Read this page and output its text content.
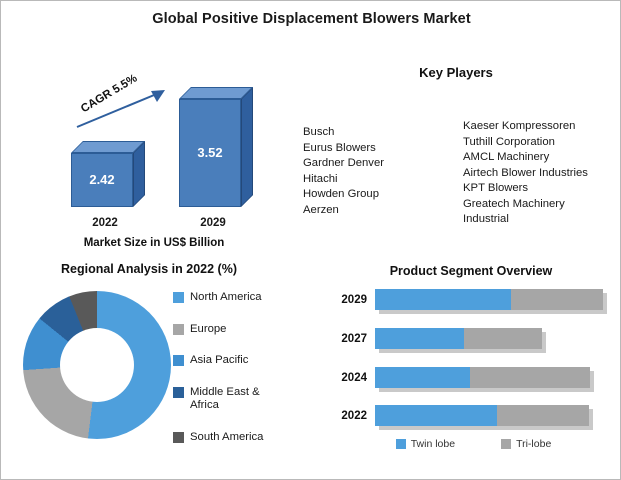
Global Positive Displacement Blowers Market
2.42
3.52
2022	2029
CAGR 5.5%
Market Size in US$ Billion
Key Players
Busch
Eurus Blowers
Gardner Denver
Hitachi
Howden Group
Aerzen
Kaeser Kompressoren
Tuthill Corporation
AMCL Machinery
Airtech Blower Industries
KPT Blowers
Greatech Machinery
Industrial
Regional Analysis in 2022 (%)
North America
Europe
Asia Pacific
Middle East & Africa
South America
Product Segment Overview
2029
2027
2024
2022
Twin lobe	Tri-lobe
